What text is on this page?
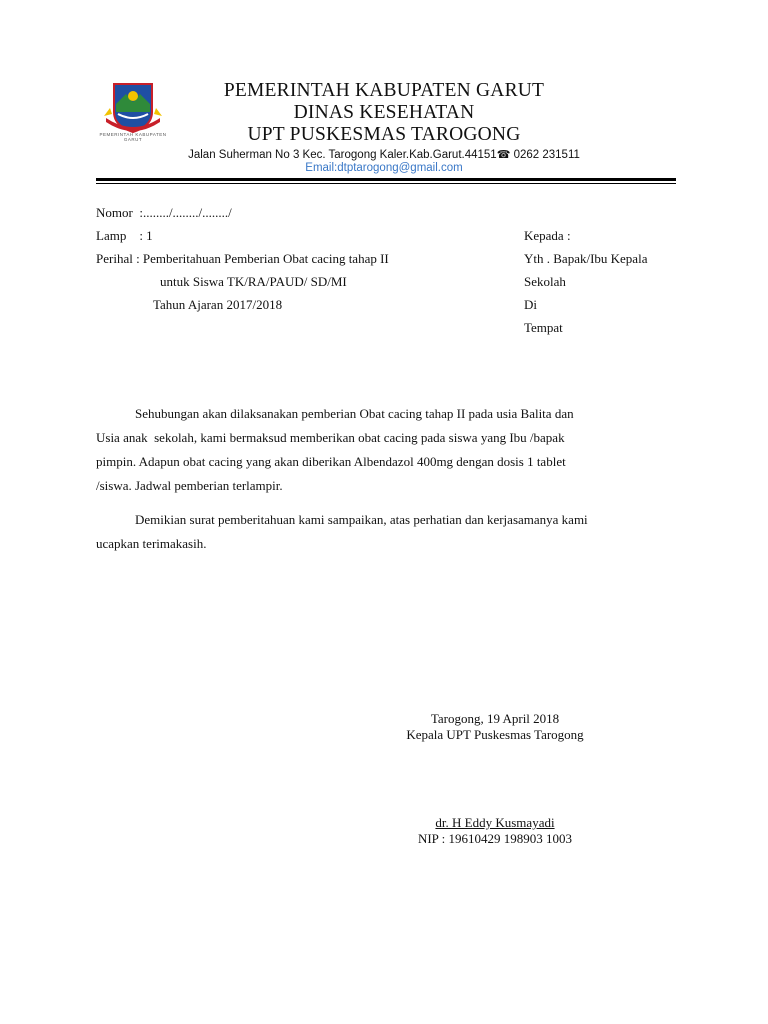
PEMERINTAH KABUPATEN GARUT
PEMERINTAH KABUPATEN GARUT
DINAS KESEHATAN
UPT PUSKESMAS TAROGONG
Jalan Suherman No 3 Kec. Tarogong Kaler.Kab.Garut.44151☎ 0262 231511
Email:dtptarogong@gmail.com
Nomor  :......../......../......../
Lamp    : 1
Perihal : Pemberitahuan Pemberian Obat cacing tahap II
untuk Siswa TK/RA/PAUD/ SD/MI
Tahun Ajaran 2017/2018
Kepada :
Yth . Bapak/Ibu Kepala
Sekolah
Di
Tempat
Sehubungan akan dilaksanakan pemberian Obat cacing tahap II pada usia Balita dan
Usia anak  sekolah, kami bermaksud memberikan obat cacing pada siswa yang Ibu /bapak
pimpin. Adapun obat cacing yang akan diberikan Albendazol 400mg dengan dosis 1 tablet
/siswa. Jadwal pemberian terlampir.
Demikian surat pemberitahuan kami sampaikan, atas perhatian dan kerjasamanya kami
ucapkan terimakasih.
Tarogong, 19 April 2018
Kepala UPT Puskesmas Tarogong
dr. H Eddy Kusmayadi
NIP : 19610429 198903 1003
